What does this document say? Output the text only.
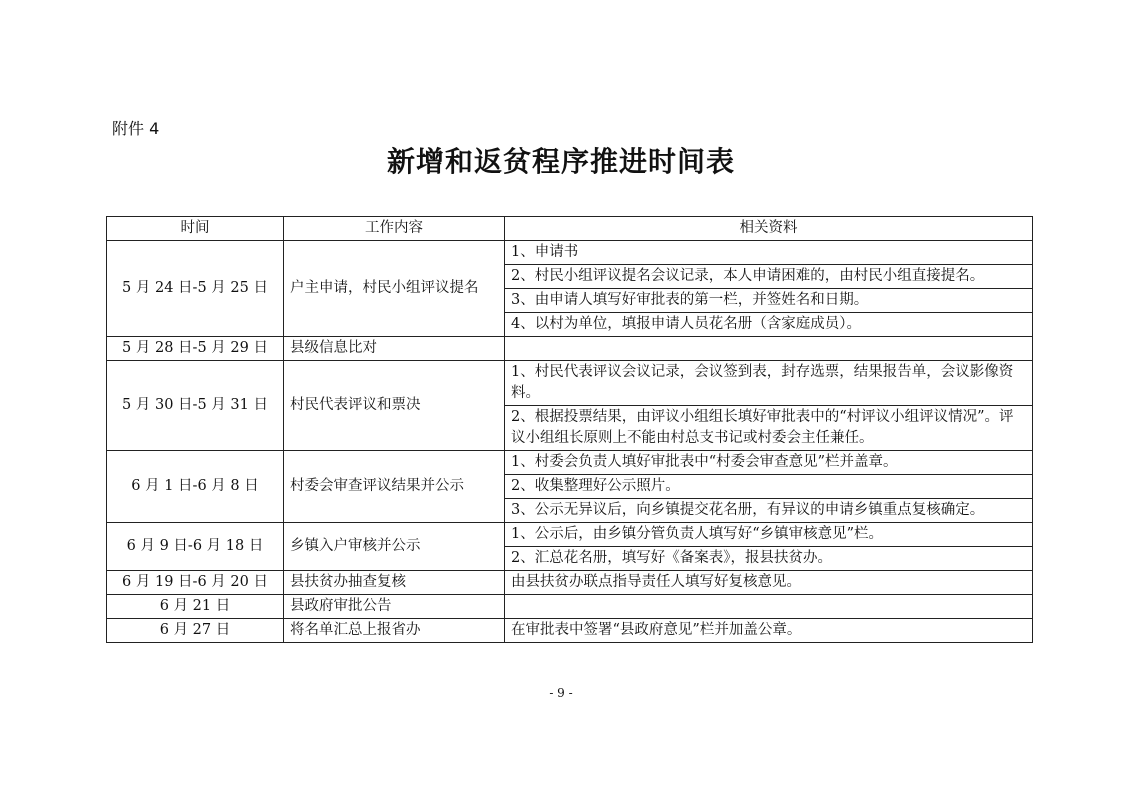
附件 4
新增和返贫程序推进时间表
时间	工作内容	相关资料
5 月 24 日-5 月 25 日	户主申请，村民小组评议提名	1、申请书
		2、村民小组评议提名会议记录，本人申请困难的，由村民小组直接提名。
		3、由申请人填写好审批表的第一栏，并签姓名和日期。
		4、以村为单位，填报申请人员花名册（含家庭成员）。
5 月 28 日-5 月 29 日	县级信息比对	
5 月 30 日-5 月 31 日	村民代表评议和票决	1、村民代表评议会议记录，会议签到表，封存选票，结果报告单，会议影像资料。
		2、根据投票结果，由评议小组组长填好审批表中的“村评议小组评议情况”。评议小组组长原则上不能由村总支书记或村委会主任兼任。
6 月 1 日-6 月 8 日	村委会审查评议结果并公示	1、村委会负责人填好审批表中“村委会审查意见”栏并盖章。
		2、收集整理好公示照片。
		3、公示无异议后，向乡镇提交花名册，有异议的申请乡镇重点复核确定。
6 月 9 日-6 月 18 日	乡镇入户审核并公示	1、公示后，由乡镇分管负责人填写好“乡镇审核意见”栏。
		2、汇总花名册，填写好《备案表》，报县扶贫办。
6 月 19 日-6 月 20 日	县扶贫办抽查复核	由县扶贫办联点指导责任人填写好复核意见。
6 月 21 日	县政府审批公告	
6 月 27 日	将名单汇总上报省办	在审批表中签署“县政府意见”栏并加盖公章。
- 9 -
